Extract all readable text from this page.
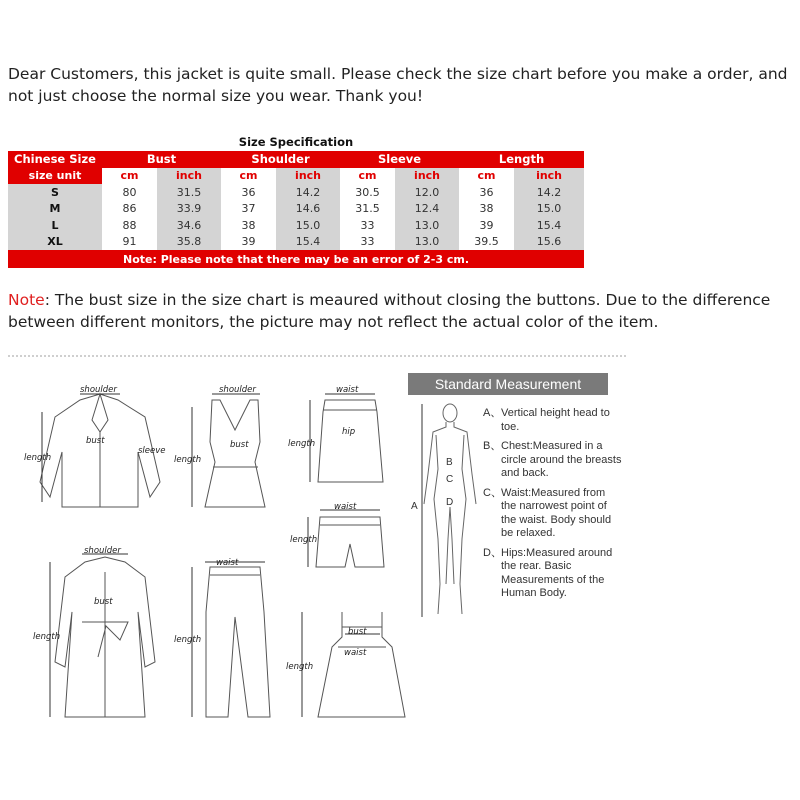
Dear Customers, this jacket is quite small. Please check the size chart before you make a order, and not just choose the normal size you wear. Thank you!
Size Specification
Chinese Size	Bust		Shoulder		Sleeve		Length	
size unit	cm	inch	cm	inch	cm	inch	cm	inch
S	80	31.5	36	14.2	30.5	12.0	36	14.2
M	86	33.9	37	14.6	31.5	12.4	38	15.0
L	88	34.6	38	15.0	33	13.0	39	15.4
XL	91	35.8	39	15.4	33	13.0	39.5	15.6
Note: Please note that there may be an error of 2-3 cm.								
Note: The bust size in the size chart is meaured without closing the buttons. Due to the difference between different monitors, the picture may not reflect the actual color of the item.
shoulder
bust
length
sleeve
shoulder
bust
length
waist
hip
length
waist
length
shoulder
bust
length
waist
length
bust
waist
length
Standard Measurement
A
B
C
D
A、 Vertical height head to toe.
B、 Chest:Measured in a circle around the breasts and back.
C、 Waist:Measured from the narrowest point of the waist. Body should be relaxed.
D、 Hips:Measured around the rear. Basic Measurements of the Human Body.
